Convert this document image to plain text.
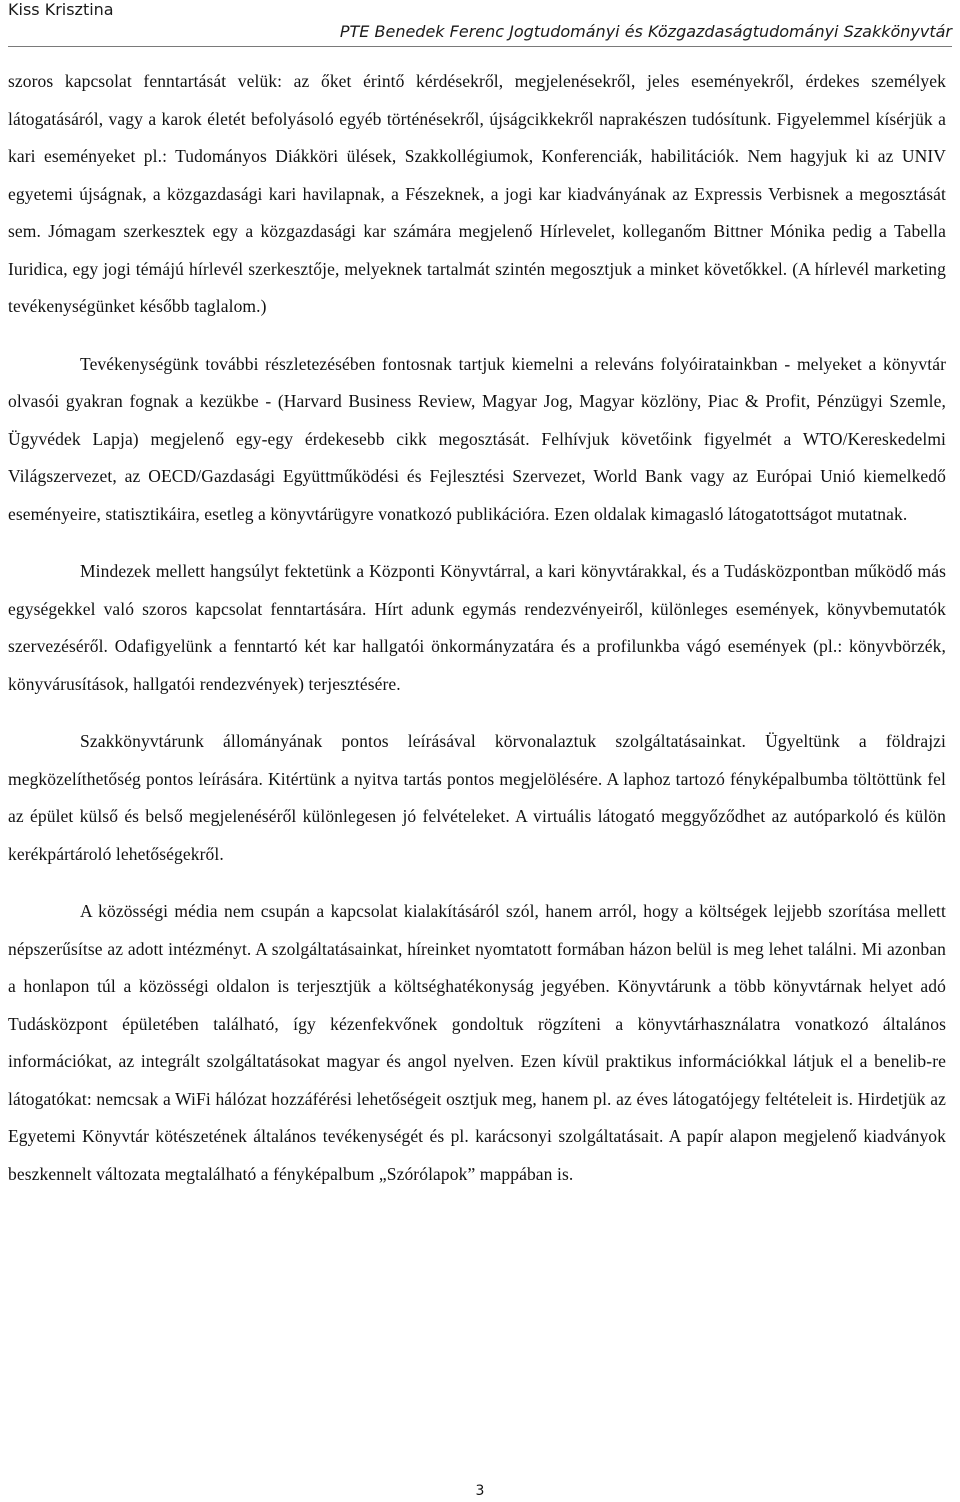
Kiss Krisztina
PTE Benedek Ferenc Jogtudományi és Közgazdaságtudományi Szakkönyvtár

szoros kapcsolat fenntartását velük: az őket érintő kérdésekről, megjelenésekről, jeles eseményekről, érdekes személyek látogatásáról, vagy a karok életét befolyásoló egyéb történésekről, újságcikkekről naprakészen tudósítunk. Figyelemmel kísérjük a kari eseményeket pl.: Tudományos Diákköri ülések, Szakkollégiumok, Konferenciák, habilitációk. Nem hagyjuk ki az UNIV egyetemi újságnak, a közgazdasági kari havilapnak, a Fészeknek, a jogi kar kiadványának az Expressis Verbisnek a megosztását sem. Jómagam szerkesztek egy a közgazdasági kar számára megjelenő Hírlevelet, kolleganőm Bittner Mónika pedig a Tabella Iuridica, egy jogi témájú hírlevél szerkesztője, melyeknek tartalmát szintén megosztjuk a minket követőkkel. (A hírlevél marketing tevékenységünket később taglalom.)

Tevékenységünk további részletezésében fontosnak tartjuk kiemelni a releváns folyóiratainkban - melyeket a könyvtár olvasói gyakran fognak a kezükbe - (Harvard Business Review, Magyar Jog, Magyar közlöny, Piac & Profit, Pénzügyi Szemle, Ügyvédek Lapja) megjelenő egy-egy érdekesebb cikk megosztását. Felhívjuk követőink figyelmét a WTO/Kereskedelmi Világszervezet, az OECD/Gazdasági Együttműködési és Fejlesztési Szervezet, World Bank vagy az Európai Unió kiemelkedő eseményeire, statisztikáira, esetleg a könyvtárügyre vonatkozó publikációra. Ezen oldalak kimagasló látogatottságot mutatnak.

Mindezek mellett hangsúlyt fektetünk a Központi Könyvtárral, a kari könyvtárakkal, és a Tudásközpontban működő más egységekkel való szoros kapcsolat fenntartására. Hírt adunk egymás rendezvényeiről, különleges események, könyvbemutatók szervezéséről. Odafigyelünk a fenntartó két kar hallgatói önkormányzatára és a profilunkba vágó események (pl.: könyvbörzék, könyvárusítások, hallgatói rendezvények) terjesztésére.

Szakkönyvtárunk állományának pontos leírásával körvonalaztuk szolgáltatásainkat. Ügyeltünk a földrajzi megközelíthetőség pontos leírására. Kitértünk a nyitva tartás pontos megjelölésére. A laphoz tartozó fényképalbumba töltöttünk fel az épület külső és belső megjelenéséről különlegesen jó felvételeket. A virtuális látogató meggyőződhet az autóparkoló és külön kerékpártároló lehetőségekről.

A közösségi média nem csupán a kapcsolat kialakításáról szól, hanem arról, hogy a költségek lejjebb szorítása mellett népszerűsítse az adott intézményt. A szolgáltatásainkat, híreinket nyomtatott formában házon belül is meg lehet találni. Mi azonban a honlapon túl a közösségi oldalon is terjesztjük a költséghatékonyság jegyében. Könyvtárunk a több könyvtárnak helyet adó Tudásközpont épületében található, így kézenfekvőnek gondoltuk rögzíteni a könyvtárhasználatra vonatkozó általános információkat, az integrált szolgáltatásokat magyar és angol nyelven. Ezen kívül praktikus információkkal látjuk el a benelib-re látogatókat: nemcsak a WiFi hálózat hozzáférési lehetőségeit osztjuk meg, hanem pl. az éves látogatójegy feltételeit is. Hirdetjük az Egyetemi Könyvtár kötészetének általános tevékenységét és pl. karácsonyi szolgáltatásait. A papír alapon megjelenő kiadványok beszkennelt változata megtalálható a fényképalbum „Szórólapok” mappában is.

3
